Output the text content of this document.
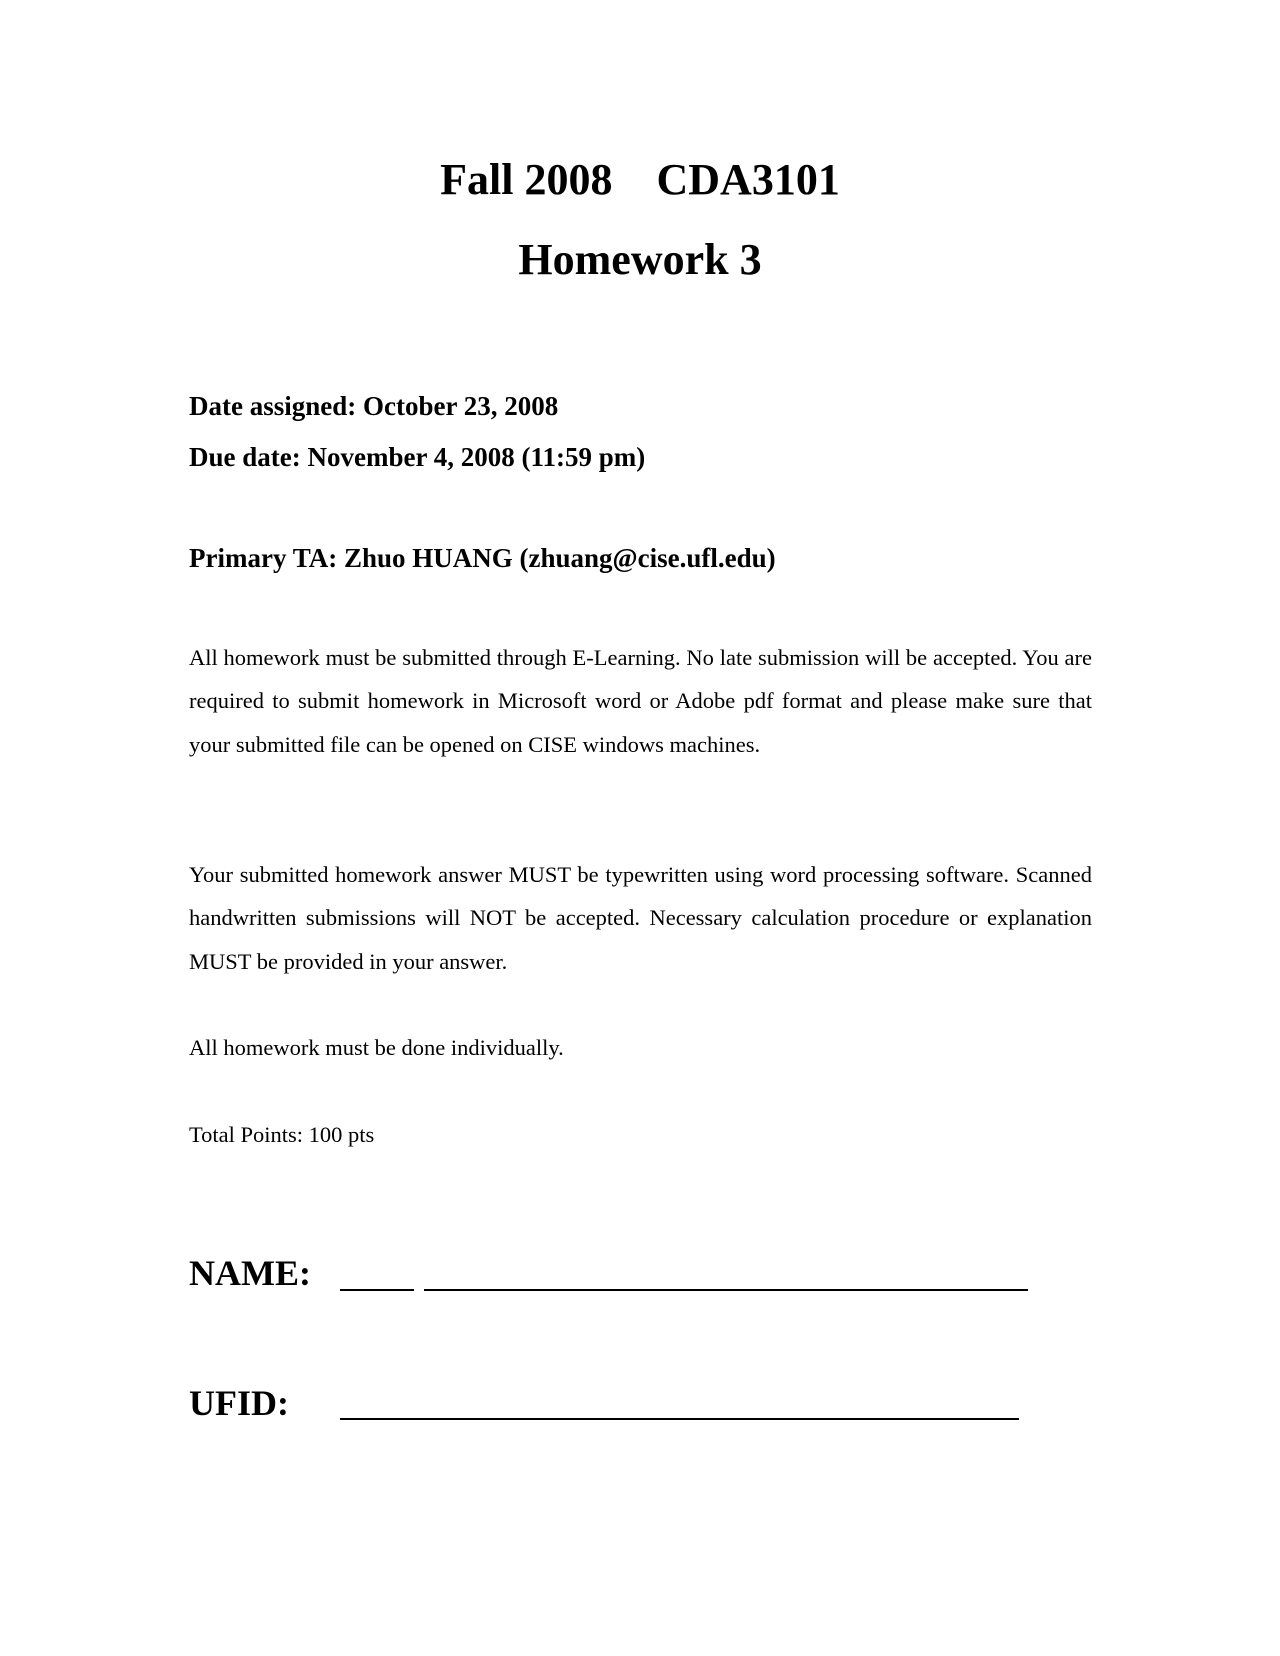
Fall 2008    CDA3101
Homework 3
Date assigned: October 23, 2008
Due date: November 4, 2008 (11:59 pm)
Primary TA: Zhuo HUANG (zhuang@cise.ufl.edu)
All homework must be submitted through E-Learning. No late submission will be accepted. You are required to submit homework in Microsoft word or Adobe pdf format and please make sure that your submitted file can be opened on CISE windows machines.
Your submitted homework answer MUST be typewritten using word processing software. Scanned handwritten submissions will NOT be accepted. Necessary calculation procedure or explanation MUST be provided in your answer.
All homework must be done individually.
Total Points: 100 pts
NAME:
UFID:
